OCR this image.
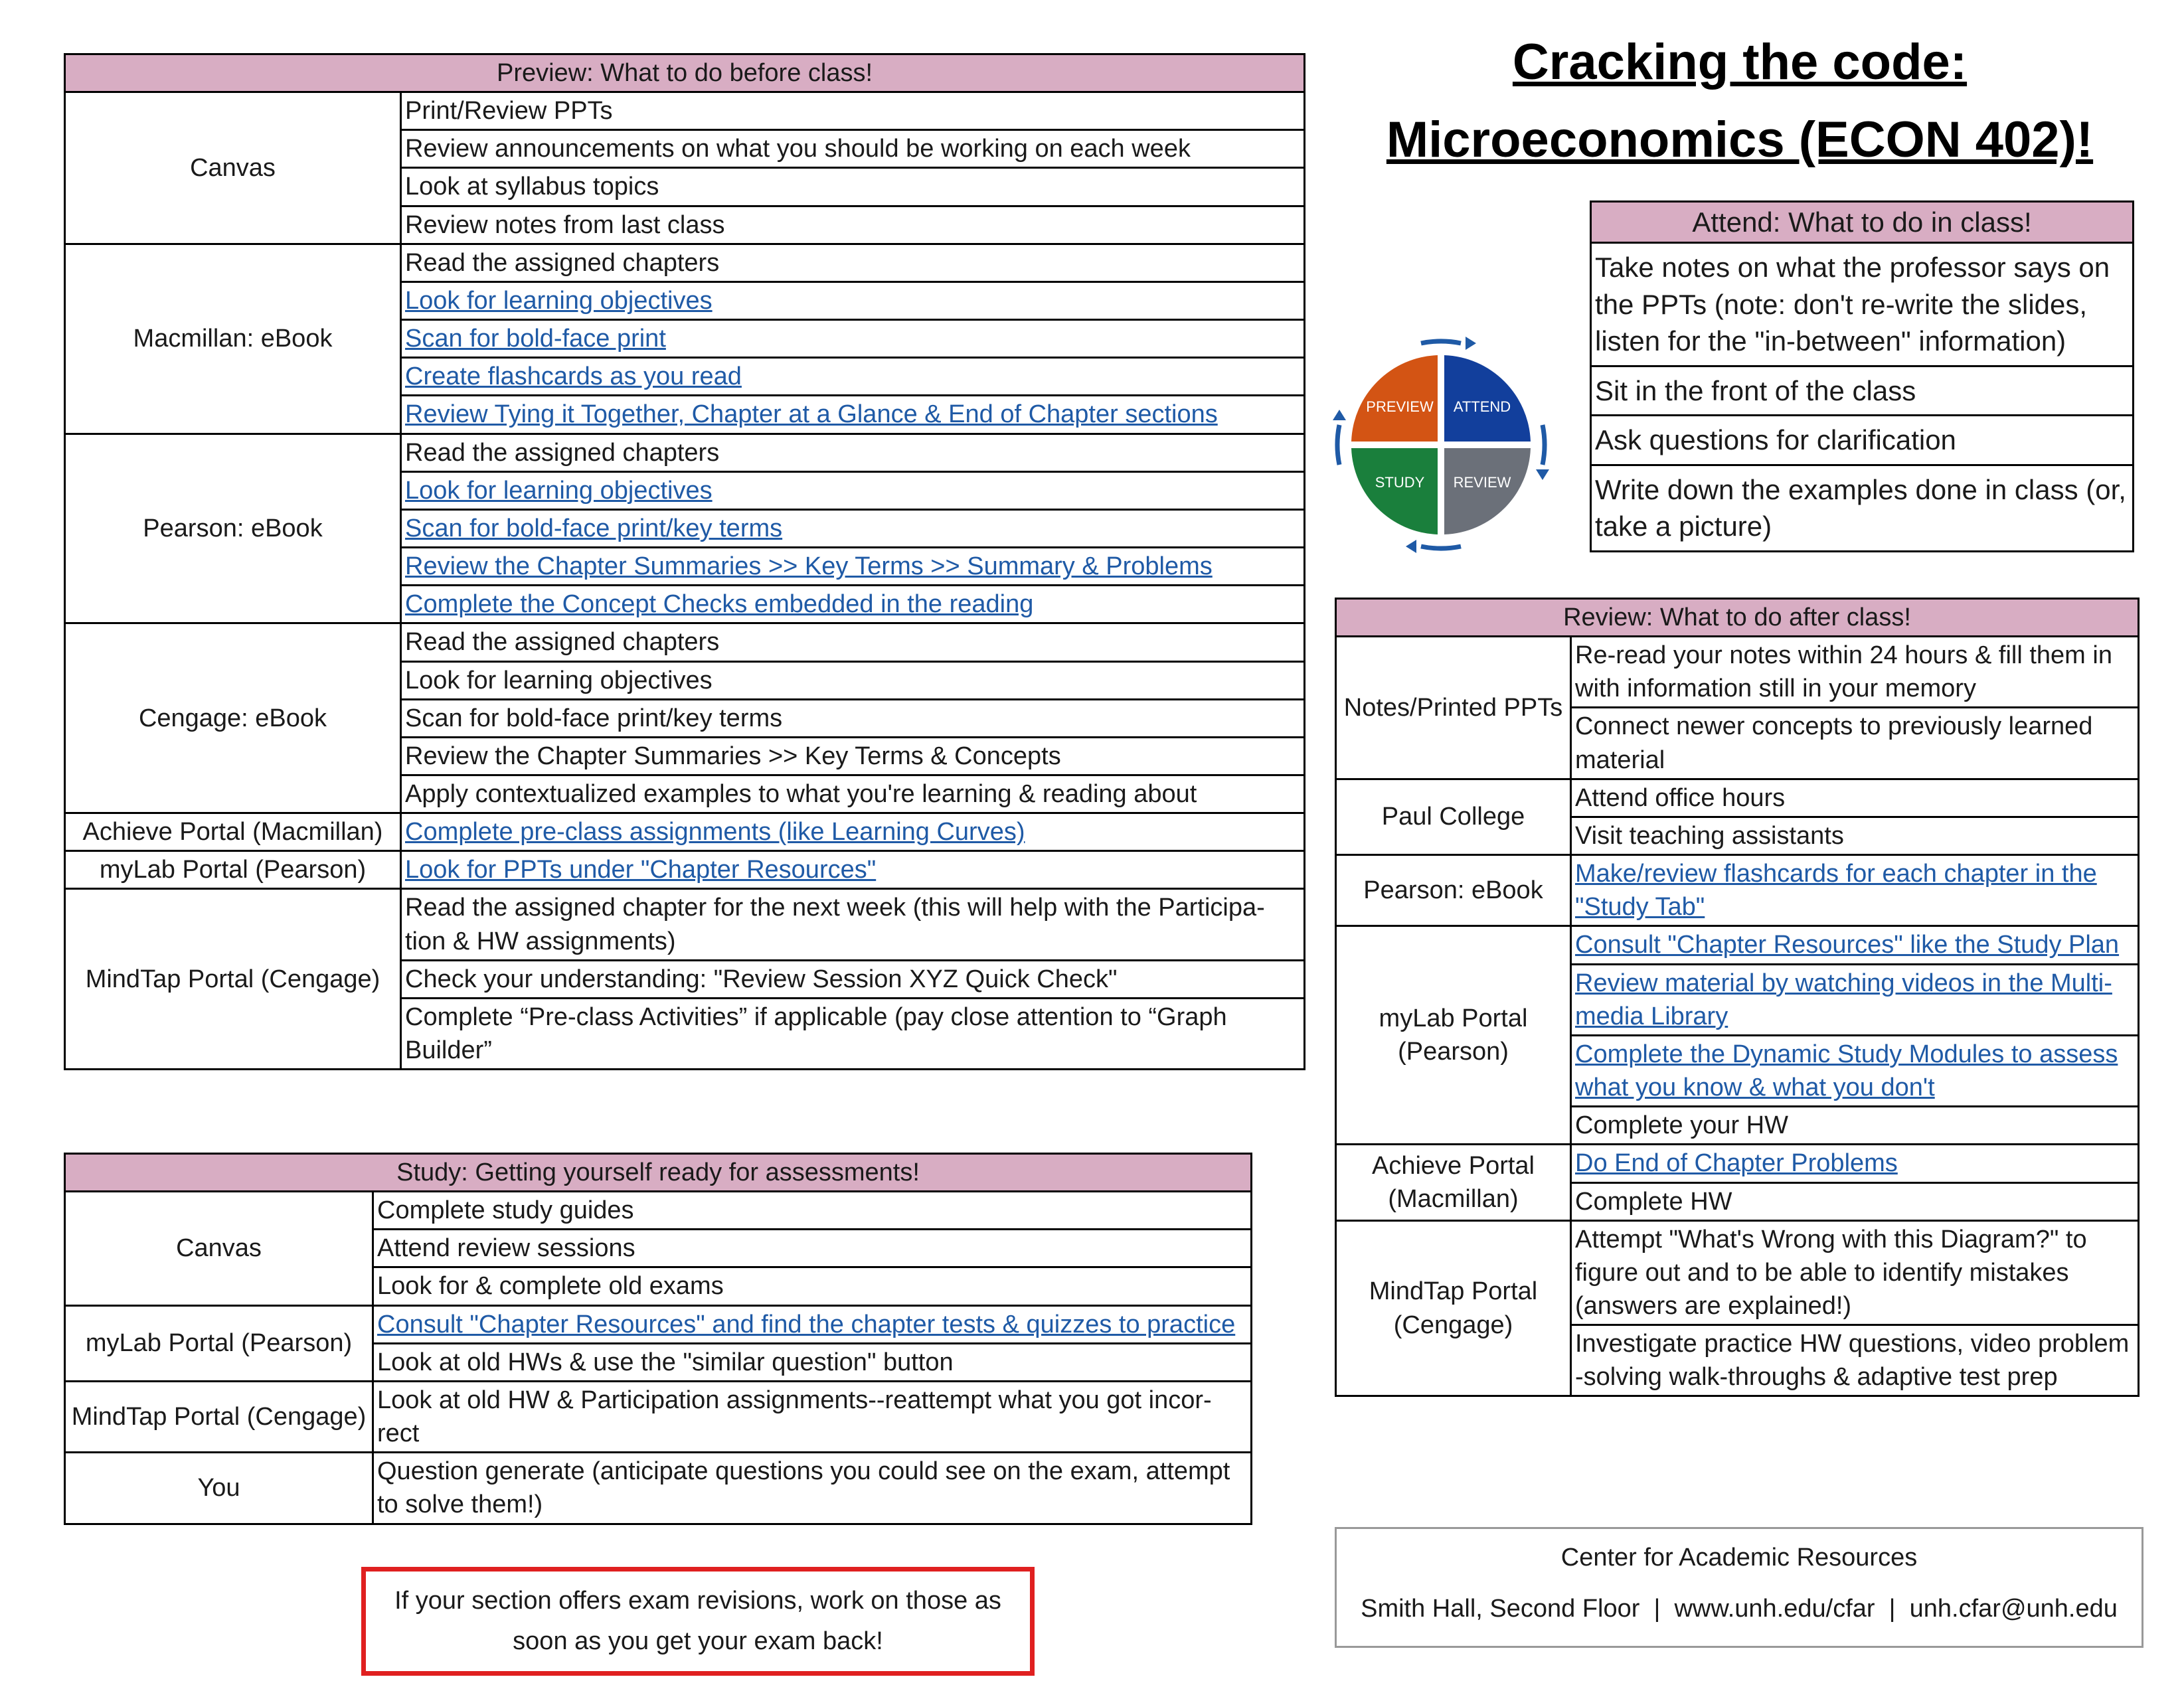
Preview: What to do before class!	
Canvas	Print/Review PPTs
	Review announcements on what you should be working on each week
	Look at syllabus topics
	Review notes from last class
Macmillan: eBook	Read the assigned chapters
	Look for learning objectives
	Scan for bold-face print
	Create flashcards as you read
	Review Tying it Together, Chapter at a Glance & End of Chapter sections
Pearson: eBook	Read the assigned chapters
	Look for learning objectives
	Scan for bold-face print/key terms
	Review the Chapter Summaries >> Key Terms >> Summary & Problems
	Complete the Concept Checks embedded in the reading
Cengage: eBook	Read the assigned chapters
	Look for learning objectives
	Scan for bold-face print/key terms
	Review the Chapter Summaries >> Key Terms & Concepts
	Apply contextualized examples to what you're learning & reading about
Achieve Portal (Macmillan)	Complete pre-class assignments (like Learning Curves)
myLab Portal (Pearson)	Look for PPTs under "Chapter Resources"
MindTap Portal (Cengage)	Read the assigned chapter for the next week (this will help with the Participa-tion & HW assignments)
	Check your understanding: "Review Session XYZ Quick Check"
	Complete “Pre-class Activities” if applicable (pay close attention to “Graph Builder”
Study: Getting yourself ready for assessments!	
Canvas	Complete study guides
	Attend review sessions
	Look for & complete old exams
myLab Portal (Pearson)	Consult "Chapter Resources" and find the chapter tests & quizzes to practice
	Look at old HWs & use the "similar question" button
MindTap Portal (Cengage)	Look at old HW & Participation assignments--reattempt what you got incor-rect
You	Question generate (anticipate questions you could see on the exam, attempt to solve them!)
If your section offers exam revisions, work on those as soon as you get your exam back!
Cracking the code:
Microeconomics (ECON 402)!
PREVIEW ATTEND
STUDY REVIEW
Attend: What to do in class!
Take notes on what the professor says on the PPTs (note: don't re-write the slides, listen for the "in-between" information)
Sit in the front of the class
Ask questions for clarification
Write down the examples done in class (or, take a picture)
Review: What to do after class!	
Notes/Printed PPTs	Re-read your notes within 24 hours & fill them in with information still in your memory
	Connect newer concepts to previously learned material
Paul College	Attend office hours
	Visit teaching assistants
Pearson: eBook	Make/review flashcards for each chapter in the "Study Tab"
myLab Portal (Pearson)	Consult "Chapter Resources" like the Study Plan
	Review material by watching videos in the Multi-media Library
	Complete the Dynamic Study Modules to assess what you know & what you don't
	Complete your HW
Achieve Portal (Macmillan)	Do End of Chapter Problems
	Complete HW
MindTap Portal (Cengage)	Attempt "What's Wrong with this Diagram?" to figure out and to be able to identify mistakes (answers are explained!)
	Investigate practice HW questions, video problem -solving walk-throughs & adaptive test prep
Center for Academic Resources
Smith Hall, Second Floor  |  www.unh.edu/cfar  |  unh.cfar@unh.edu
